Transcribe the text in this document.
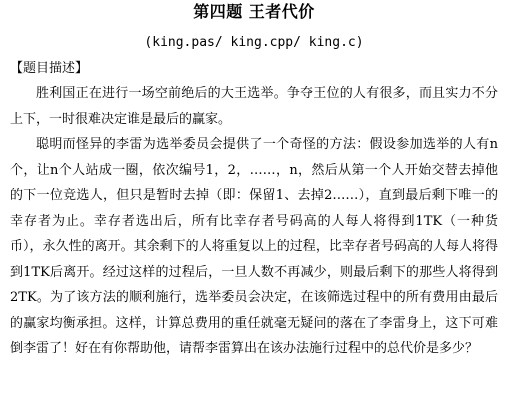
第四题 王者代价
(king.pas/ king.cpp/ king.c)
【题目描述】

胜利国正在进行一场空前绝后的大王选举。争夺王位的人有很多，而且实力不分上下，一时很难决定谁是最后的赢家。

聪明而怪异的李雷为选举委员会提供了一个奇怪的方法：假设参加选举的人有n个，让n个人站成一圈，依次编号1，2，……，n，然后从第一个人开始交替去掉他的下一位竞选人，但只是暂时去掉（即：保留1、去掉2……），直到最后剩下唯一的幸存者为止。幸存者选出后，所有比幸存者号码高的人每人将得到1TK（一种货币），永久性的离开。其余剩下的人将重复以上的过程，比幸存者号码高的人每人将得到1TK后离开。经过这样的过程后，一旦人数不再减少，则最后剩下的那些人将得到2TK。为了该方法的顺利施行，选举委员会决定，在该筛选过程中的所有费用由最后的赢家均衡承担。这样，计算总费用的重任就毫无疑问的落在了李雷身上，这下可难倒李雷了！好在有你帮助他，请帮李雷算出在该办法施行过程中的总代价是多少？
